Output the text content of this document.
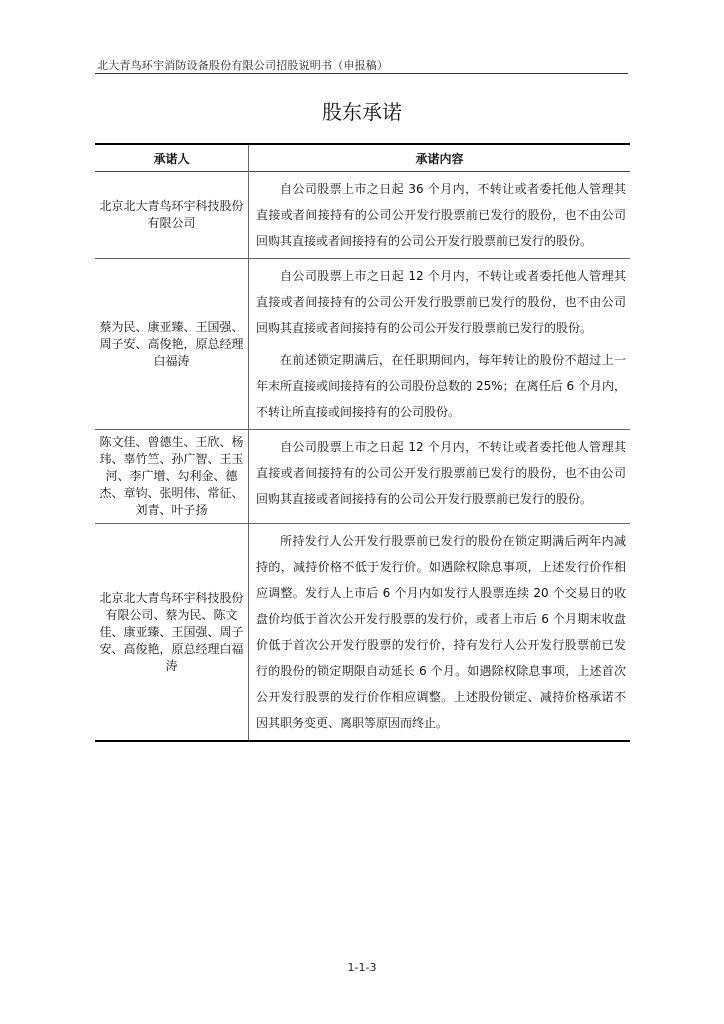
北大青鸟环宇消防设备股份有限公司招股说明书（申报稿）
股东承诺
承诺人	承诺内容
北京北大青鸟环宇科技股份有限公司	自公司股票上市之日起 36 个月内，不转让或者委托他人管理其直接或者间接持有的公司公开发行股票前已发行的股份，也不由公司回购其直接或者间接持有的公司公开发行股票前已发行的股份。

蔡为民、康亚臻、王国强、周子安、高俊艳，原总经理白福涛	自公司股票上市之日起 12 个月内，不转让或者委托他人管理其直接或者间接持有的公司公开发行股票前已发行的股份，也不由公司回购其直接或者间接持有的公司公开发行股票前已发行的股份。

在前述锁定期满后，在任职期间内，每年转让的股份不超过上一年末所直接或间接持有的公司股份总数的 25%；在离任后 6 个月内，不转让所直接或间接持有的公司股份。

陈文佳、曾德生、王欣、杨玮、辜竹竺、孙广智、王玉河、李广增、勾利金、德杰、章钧、张明伟、常征、刘青、叶子扬	自公司股票上市之日起 12 个月内，不转让或者委托他人管理其直接或者间接持有的公司公开发行股票前已发行的股份，也不由公司回购其直接或者间接持有的公司公开发行股票前已发行的股份。

北京北大青鸟环宇科技股份有限公司、蔡为民、陈文佳、康亚臻、王国强、周子安、高俊艳，原总经理白福涛	所持发行人公开发行股票前已发行的股份在锁定期满后两年内减持的，减持价格不低于发行价。如遇除权除息事项，上述发行价作相应调整。发行人上市后 6 个月内如发行人股票连续 20 个交易日的收盘价均低于首次公开发行股票的发行价，或者上市后 6 个月期末收盘价低于首次公开发行股票的发行价，持有发行人公开发行股票前已发行的股份的锁定期限自动延长 6 个月。如遇除权除息事项，上述首次公开发行股票的发行价作相应调整。上述股份锁定、减持价格承诺不因其职务变更、离职等原因而终止。

1-1-3
